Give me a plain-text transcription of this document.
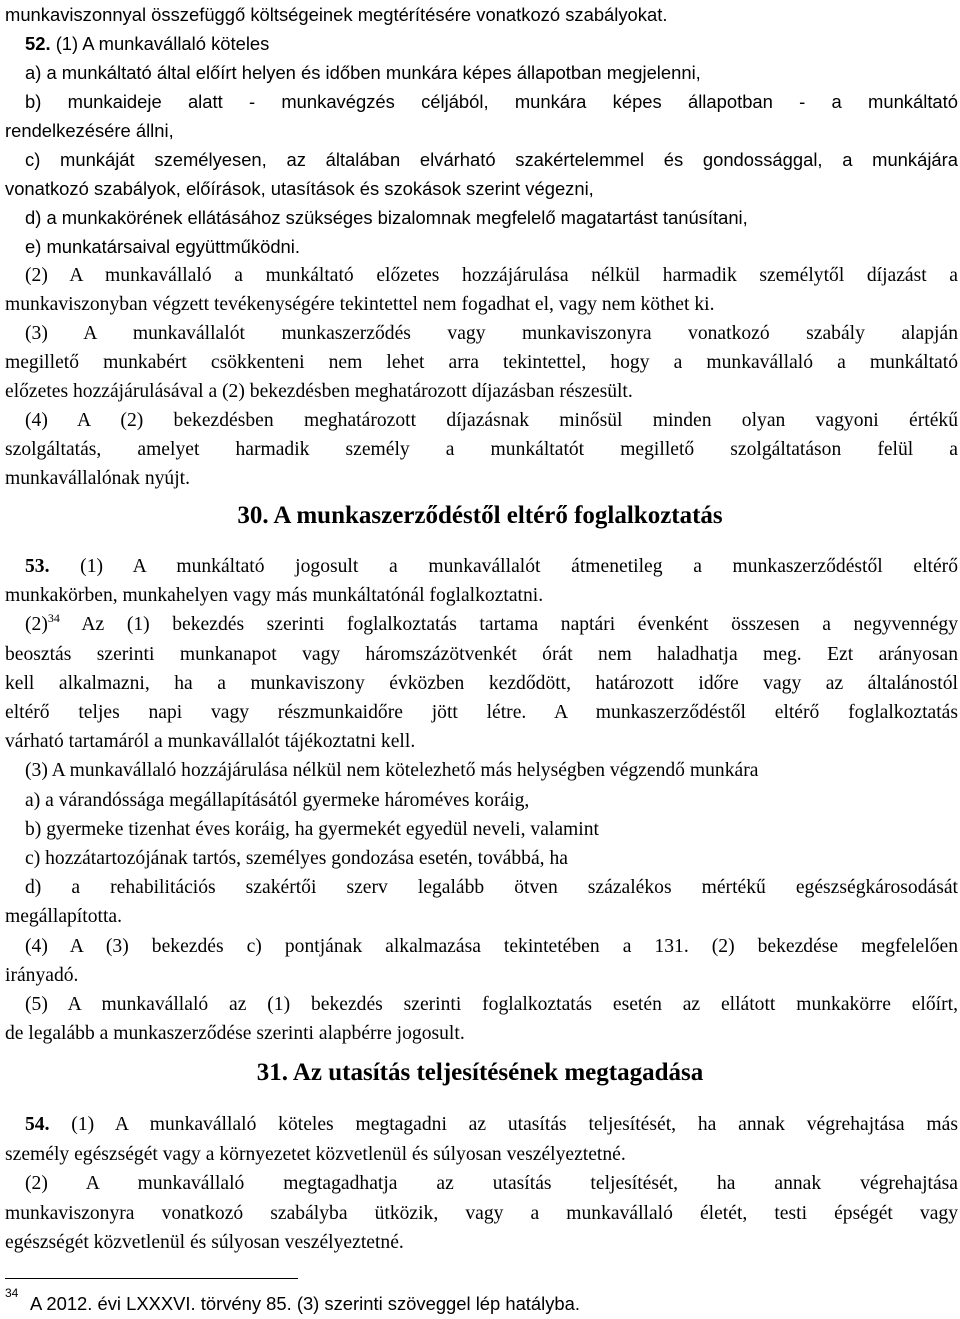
munkaviszonnyal összefüggő költségeinek megtérítésére vonatkozó szabályokat.
52. (1) A munkavállaló köteles
a) a munkáltató által előírt helyen és időben munkára képes állapotban megjelenni,
b) munkaideje alatt - munkavégzés céljából, munkára képes állapotban - a munkáltató
rendelkezésére állni,
c) munkáját személyesen, az általában elvárható szakértelemmel és gondossággal, a munkájára
vonatkozó szabályok, előírások, utasítások és szokások szerint végezni,
d) a munkakörének ellátásához szükséges bizalomnak megfelelő magatartást tanúsítani,
e) munkatársaival együttműködni.
(2) A munkavállaló a munkáltató előzetes hozzájárulása nélkül harmadik személytől díjazást a
munkaviszonyban végzett tevékenységére tekintettel nem fogadhat el, vagy nem köthet ki.
(3) A munkavállalót munkaszerződés vagy munkaviszonyra vonatkozó szabály alapján
megillető munkabért csökkenteni nem lehet arra tekintettel, hogy a munkavállaló a munkáltató
előzetes hozzájárulásával a (2) bekezdésben meghatározott díjazásban részesült.
(4) A (2) bekezdésben meghatározott díjazásnak minősül minden olyan vagyoni értékű
szolgáltatás, amelyet harmadik személy a munkáltatót megillető szolgáltatáson felül a
munkavállalónak nyújt.
30. A munkaszerződéstől eltérő foglalkoztatás
53. (1) A munkáltató jogosult a munkavállalót átmenetileg a munkaszerződéstől eltérő
munkakörben, munkahelyen vagy más munkáltatónál foglalkoztatni.
$(2)^{34}$ Az (1) bekezdés szerinti foglalkoztatás tartama naptári évenként összesen a negyvennégy
beosztás szerinti munkanapot vagy háromszázötvenkét órát nem haladhatja meg. Ezt arányosan
kell alkalmazni, ha a munkaviszony évközben kezdődött, határozott időre vagy az általánostól
eltérő teljes napi vagy részmunkaidőre jött létre. A munkaszerződéstől eltérő foglalkoztatás
várható tartamáról a munkavállalót tájékoztatni kell.
(3) A munkavállaló hozzájárulása nélkül nem kötelezhető más helységben végzendő munkára
a) a várandóssága megállapításától gyermeke hároméves koráig,
b) gyermeke tizenhat éves koráig, ha gyermekét egyedül neveli, valamint
c) hozzátartozójának tartós, személyes gondozása esetén, továbbá, ha
d) a rehabilitációs szakértői szerv legalább ötven százalékos mértékű egészségkárosodását
megállapította.
(4) A (3) bekezdés c) pontjának alkalmazása tekintetében a 131. (2) bekezdése megfelelően
irányadó.
(5) A munkavállaló az (1) bekezdés szerinti foglalkoztatás esetén az ellátott munkakörre előírt,
de legalább a munkaszerződése szerinti alapbérre jogosult.
31. Az utasítás teljesítésének megtagadása
54. (1) A munkavállaló köteles megtagadni az utasítás teljesítését, ha annak végrehajtása más
személy egészségét vagy a környezetet közvetlenül és súlyosan veszélyeztetné.
(2) A munkavállaló megtagadhatja az utasítás teljesítését, ha annak végrehajtása
munkaviszonyra vonatkozó szabályba ütközik, vagy a munkavállaló életét, testi épségét vagy
egészségét közvetlenül és súlyosan veszélyeztetné.
34 A 2012. évi LXXXVI. törvény 85. (3) szerinti szöveggel lép hatályba.
